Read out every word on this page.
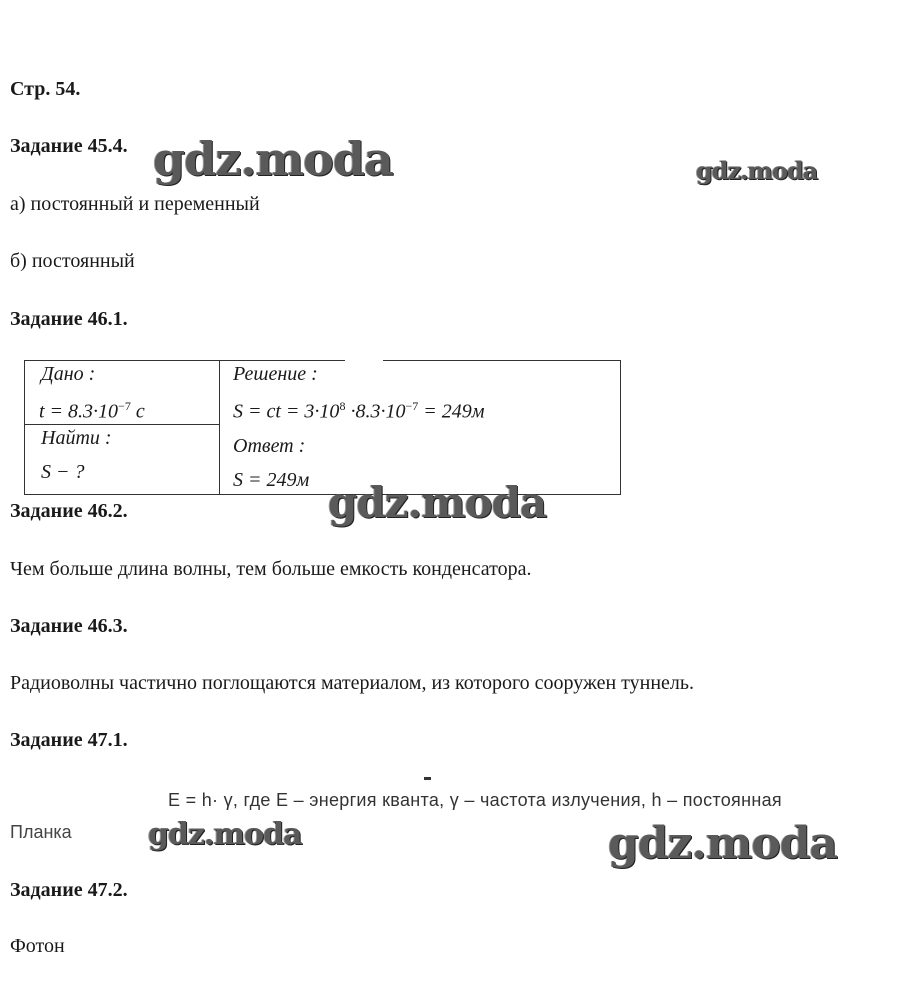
Стр. 54.
Задание 45.4.
а) постоянный и переменный
б) постоянный
Задание 46.1.
Дано :
$t = 8.3\cdot 10^{-7}$ c
Найти :
S − ?
Решение :
S = ct = $3\cdot 10^8 \cdot 8.3\cdot 10^{-7} = 249м$
Ответ :
S = 249м
Задание 46.2.
Чем больше длина волны, тем больше емкость конденсатора.
Задание 46.3.
Радиоволны частично поглощаются материалом, из которого сооружен туннель.
Задание 47.1.
E = h· γ, где E – энергия кванта, γ – частота излучения, h – постоянная
Планка
Задание 47.2.
Фотон
gdz.moda	gdz.moda
gdz.moda
gdz.moda	gdz.moda
